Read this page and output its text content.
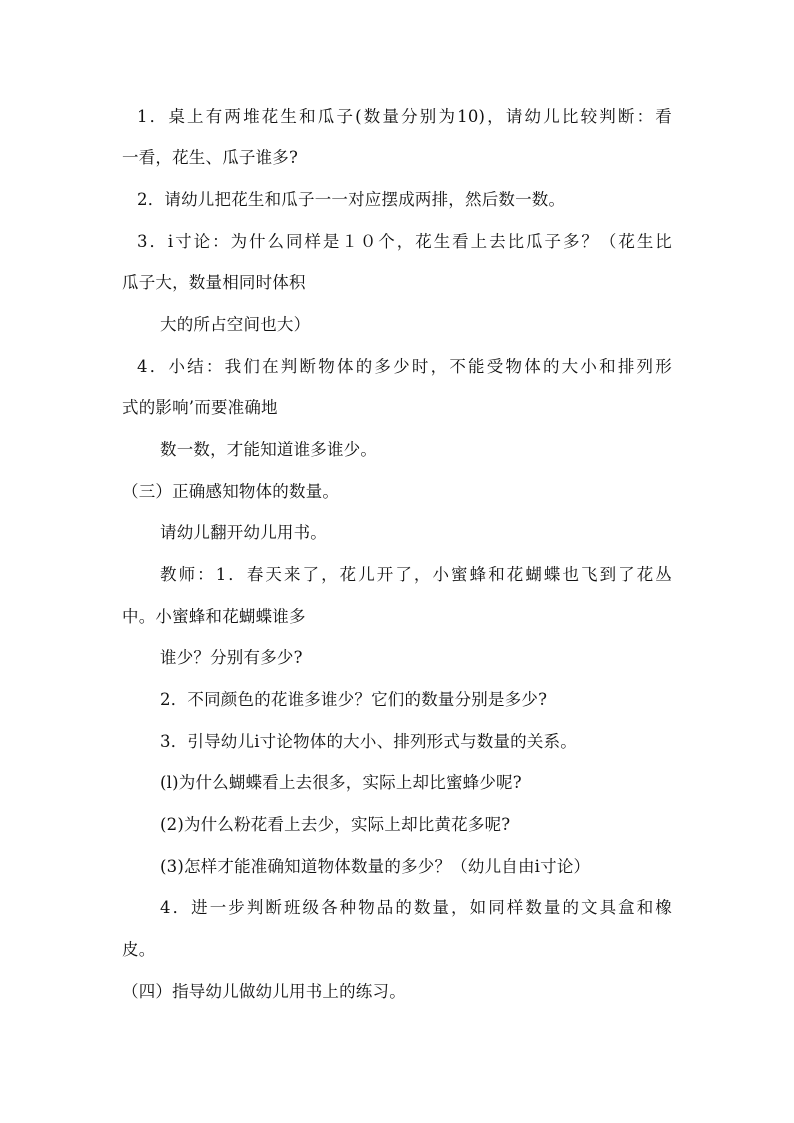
1．桌上有两堆花生和瓜子(数量分别为10)，请幼儿比较判断：看
一看，花生、瓜子谁多?
2．请幼儿把花生和瓜子一一对应摆成两排，然后数一数。
3．i寸论：为什么同样是１０个，花生看上去比瓜子多？（花生比
瓜子大，数量相同时体积
大的所占空间也大）
4．小结：我们在判断物体的多少时，不能受物体的大小和排列形
式的影响’而要准确地
数一数，才能知道谁多谁少。
（三）正确感知物体的数量。
请幼儿翻开幼儿用书。
教师：1．春天来了，花儿开了，小蜜蜂和花蝴蝶也飞到了花丛
中。小蜜蜂和花蝴蝶谁多
谁少？分别有多少?
2．不同颜色的花谁多谁少？它们的数量分别是多少?
3．引导幼儿i寸论物体的大小、排列形式与数量的关系。
(l)为什么蝴蝶看上去很多，实际上却比蜜蜂少呢?
(2)为什么粉花看上去少，实际上却比黄花多呢?
(3)怎样才能准确知道物体数量的多少？（幼儿自由i寸论）
4．进一步判断班级各种物品的数量，如同样数量的文具盒和橡
皮。
（四）指导幼儿做幼儿用书上的练习。
